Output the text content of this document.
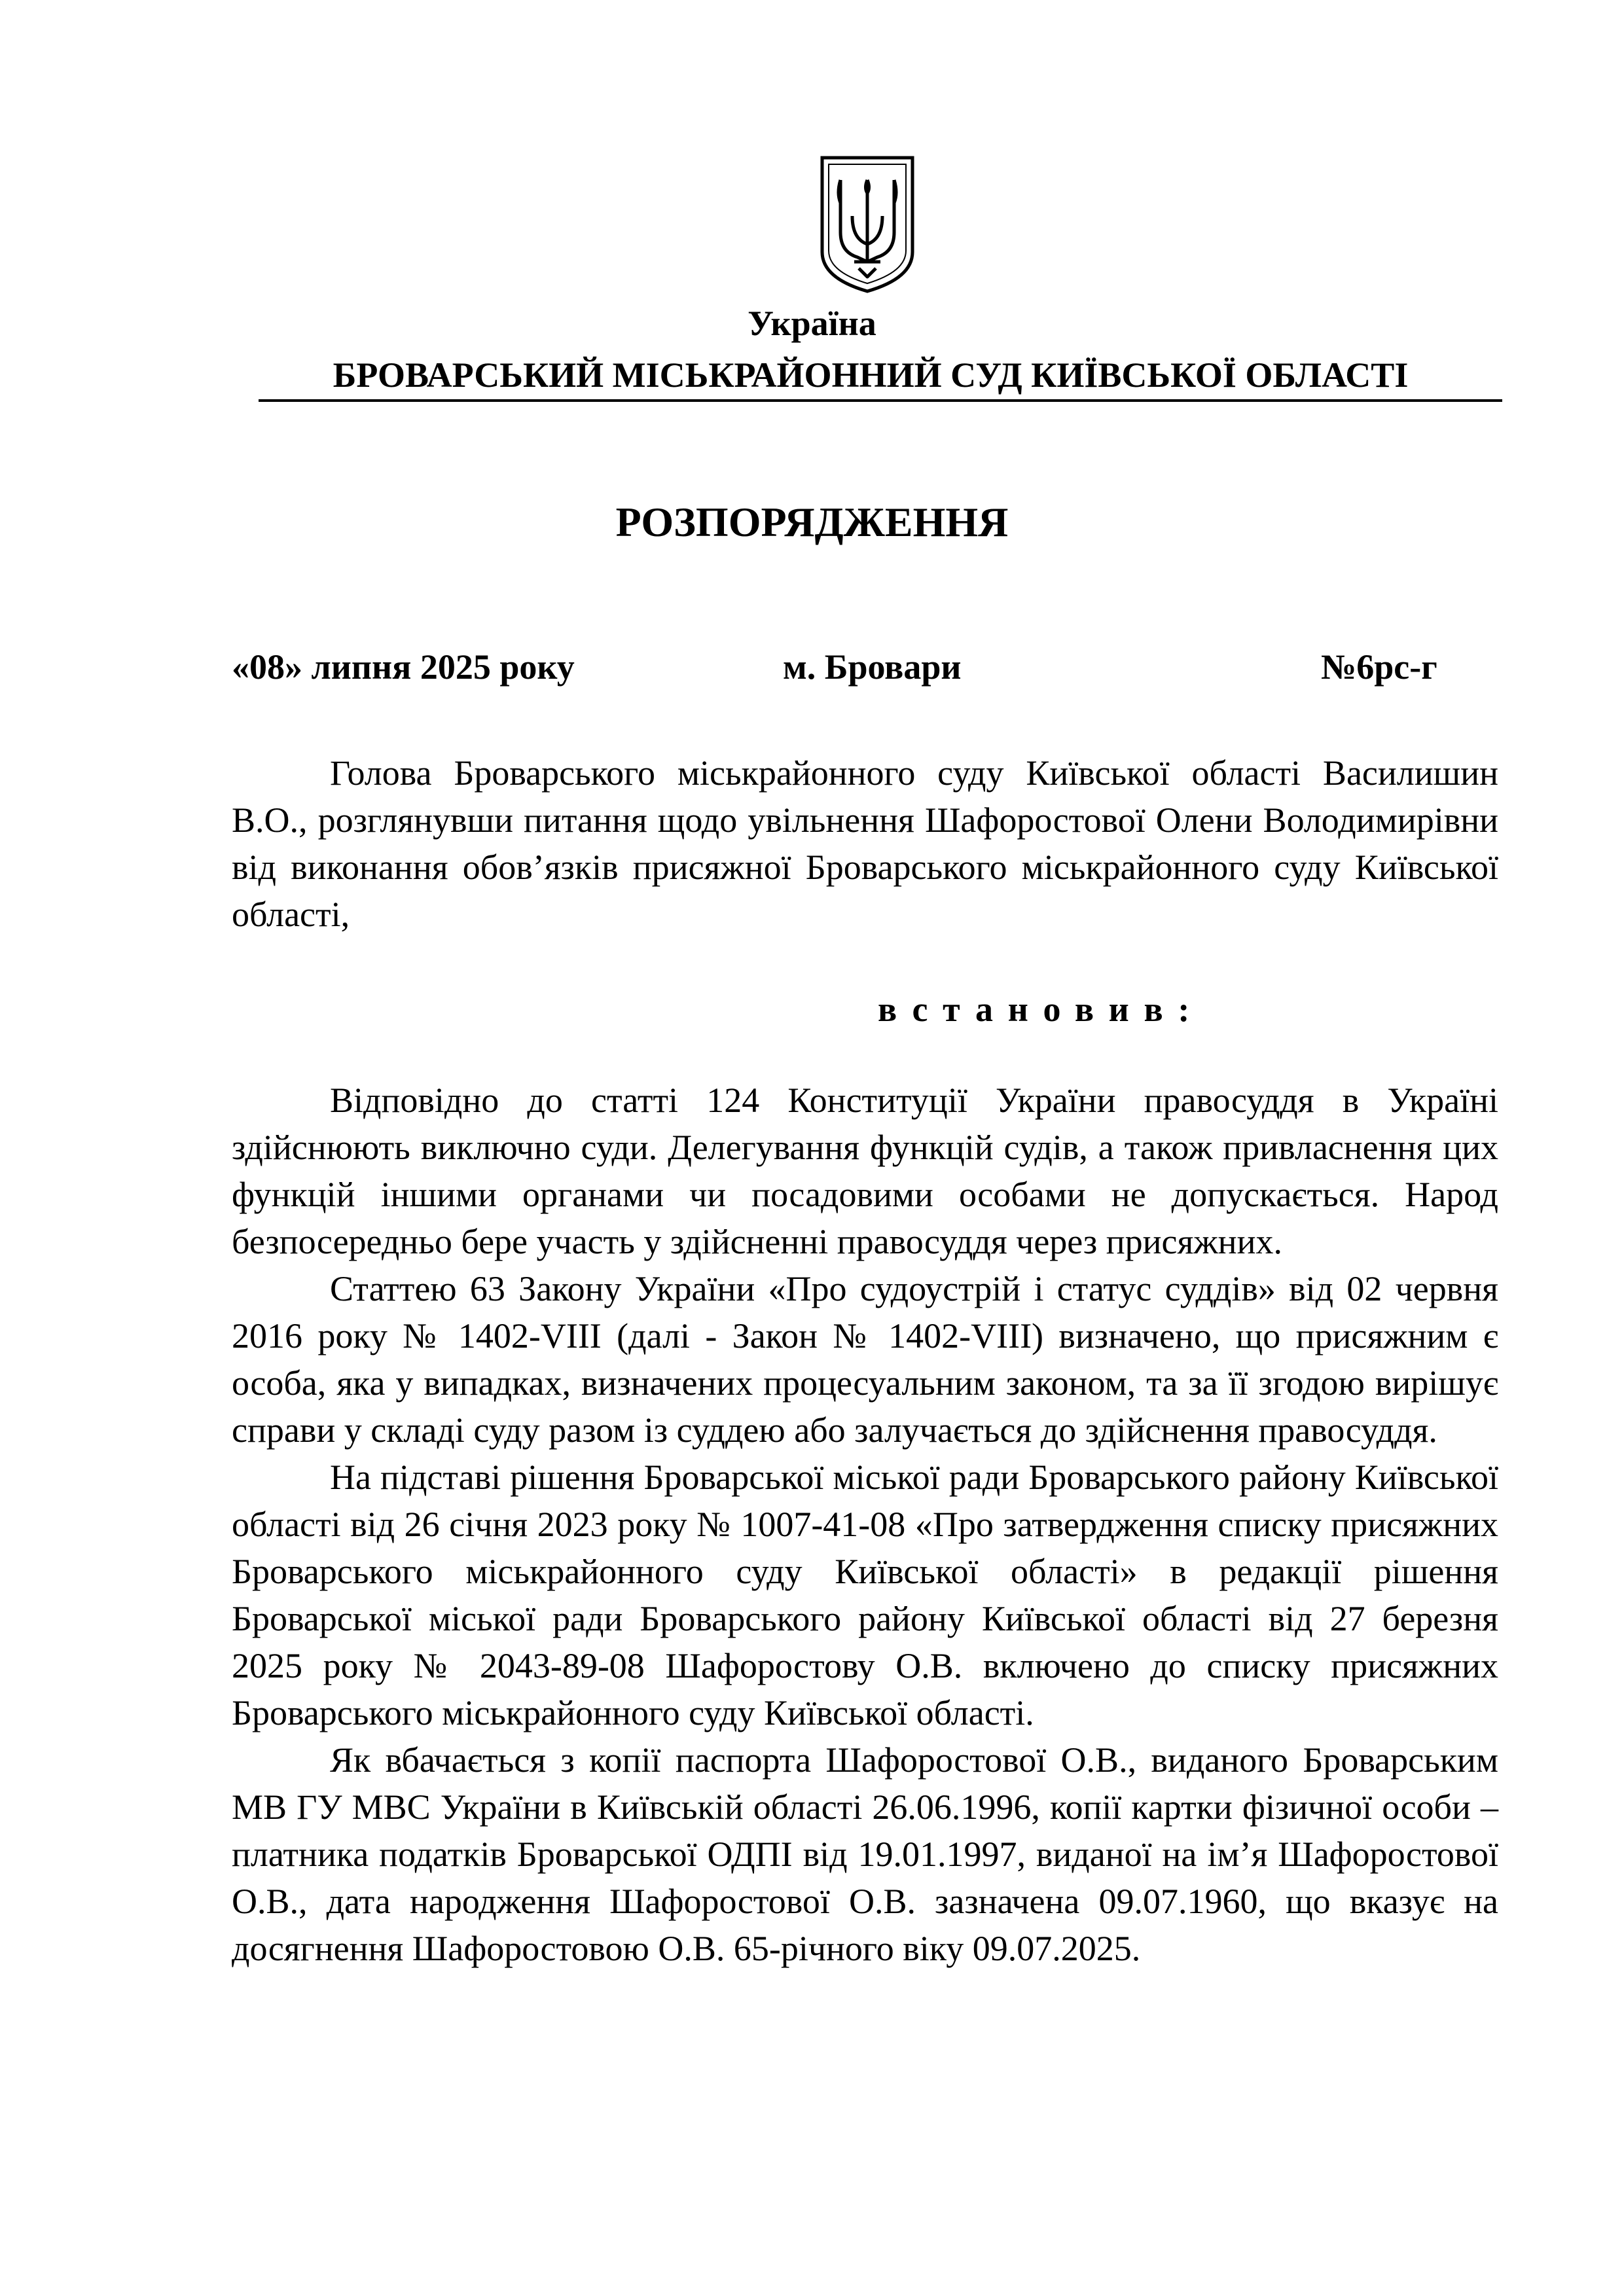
Україна
БРОВАРСЬКИЙ МІСЬКРАЙОННИЙ СУД КИЇВСЬКОЇ ОБЛАСТІ
РОЗПОРЯДЖЕННЯ
«08» липня 2025 року	м. Бровари	№6рс-г

Голова Броварського міськрайонного суду Київської області Василишин В.О., розглянувши питання щодо увільнення Шафоростової Олени Володимирівни від виконання обов’язків присяжної Броварського міськрайонного суду Київської області,

встановив:

Відповідно до статті 124 Конституції України правосуддя в Україні здійснюють виключно суди. Делегування функцій судів, а також привласнення цих функцій іншими органами чи посадовими особами не допускається. Народ безпосередньо бере участь у здійсненні правосуддя через присяжних.

Статтею 63 Закону України «Про судоустрій і статус суддів» від 02 червня 2016 року № 1402-VIII (далі - Закон № 1402-VIII) визначено, що присяжним є особа, яка у випадках, визначених процесуальним законом, та за її згодою вирішує справи у складі суду разом із суддею або залучається до здійснення правосуддя.

На підставі рішення Броварської міської ради Броварського району Київської області від 26 січня 2023 року № 1007-41-08 «Про затвердження списку присяжних Броварського міськрайонного суду Київської області» в редакції рішення Броварської міської ради Броварського району Київської області від 27 березня 2025 року № 2043-89-08 Шафоростову О.В. включено до списку присяжних Броварського міськрайонного суду Київської області.

Як вбачається з копії паспорта Шафоростової О.В., виданого Броварським МВ ГУ МВС України в Київській області 26.06.1996, копії картки фізичної особи – платника податків Броварської ОДПІ від 19.01.1997, виданої на ім’я Шафоростової О.В., дата народження Шафоростової О.В. зазначена 09.07.1960, що вказує на досягнення Шафоростовою О.В. 65-річного віку 09.07.2025.
